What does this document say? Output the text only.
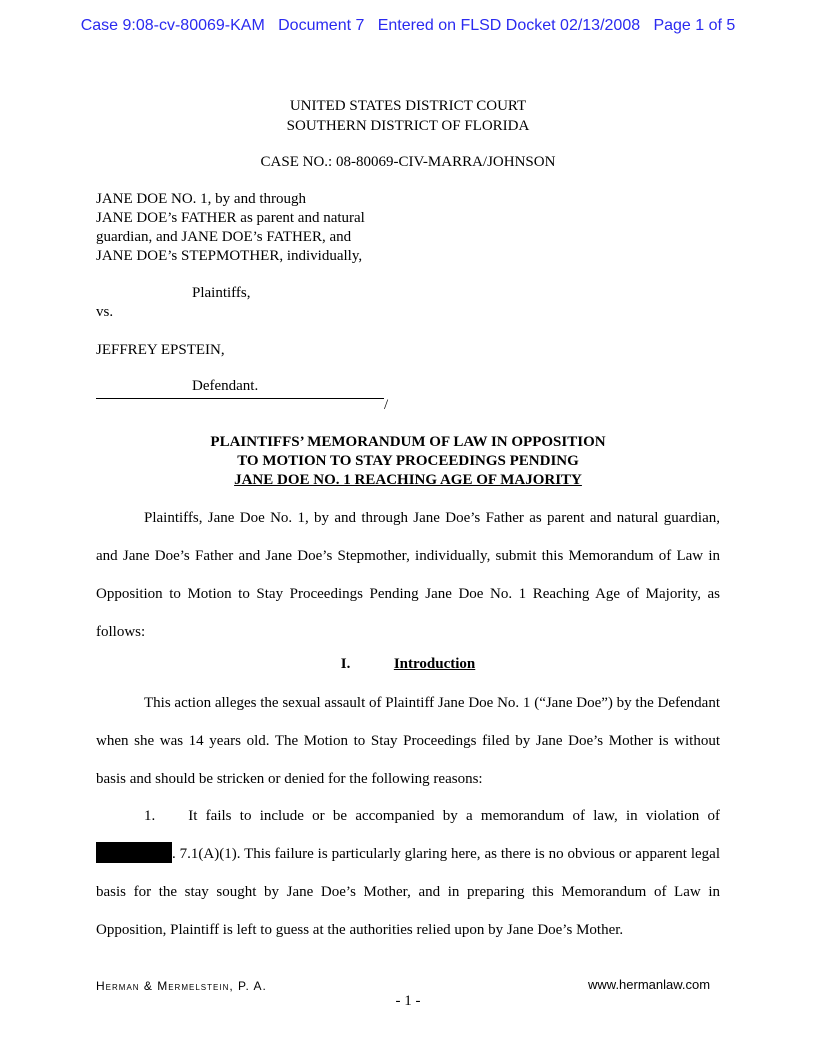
Case 9:08-cv-80069-KAM   Document 7   Entered on FLSD Docket 02/13/2008   Page 1 of 5
UNITED STATES DISTRICT COURT
SOUTHERN DISTRICT OF FLORIDA
CASE NO.: 08-80069-CIV-MARRA/JOHNSON
JANE DOE NO. 1, by and through
JANE DOE’s FATHER as parent and natural
guardian, and JANE DOE’s FATHER, and
JANE DOE’s STEPMOTHER, individually,
Plaintiffs,
vs.
JEFFREY EPSTEIN,
Defendant.
/
PLAINTIFFS’ MEMORANDUM OF LAW IN OPPOSITION
TO MOTION TO STAY PROCEEDINGS PENDING
JANE DOE NO. 1 REACHING AGE OF MAJORITY

Plaintiffs, Jane Doe No. 1, by and through Jane Doe’s Father as parent and natural guardian, and Jane Doe’s Father and Jane Doe’s Stepmother, individually, submit this Memorandum of Law in Opposition to Motion to Stay Proceedings Pending Jane Doe No. 1 Reaching Age of Majority, as follows:

I.	Introduction

This action alleges the sexual assault of Plaintiff Jane Doe No. 1 (“Jane Doe”) by the Defendant when she was 14 years old. The Motion to Stay Proceedings filed by Jane Doe’s Mother is without basis and should be stricken or denied for the following reasons:

1. It fails to include or be accompanied by a memorandum of law, in violation of . 7.1(A)(1). This failure is particularly glaring here, as there is no obvious or apparent legal basis for the stay sought by Jane Doe’s Mother, and in preparing this Memorandum of Law in Opposition, Plaintiff is left to guess at the authorities relied upon by Jane Doe’s Mother.

Herman & Mermelstein, P. A.	www.hermanlaw.com
- 1 -
